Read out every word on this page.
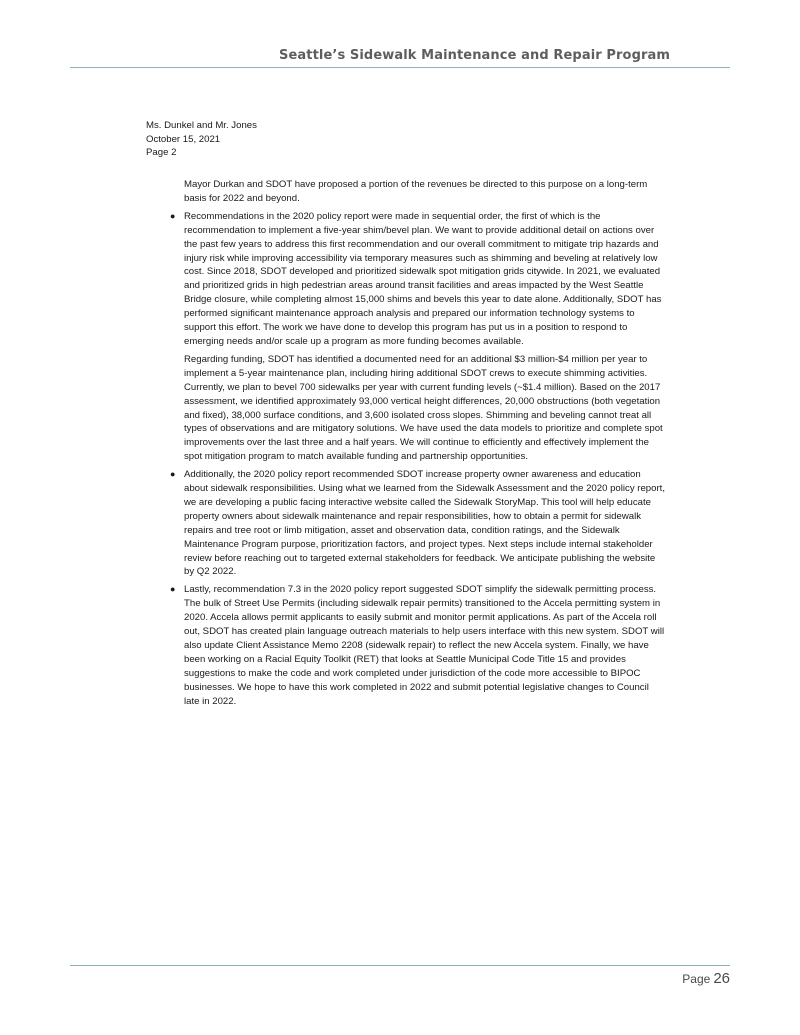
Seattle’s Sidewalk Maintenance and Repair Program
Ms. Dunkel and Mr. Jones
October 15, 2021
Page 2

Mayor Durkan and SDOT have proposed a portion of the revenues be directed to this purpose on a long-term basis for 2022 and beyond.

● Recommendations in the 2020 policy report were made in sequential order, the first of which is the recommendation to implement a five-year shim/bevel plan. We want to provide additional detail on actions over the past few years to address this first recommendation and our overall commitment to mitigate trip hazards and injury risk while improving accessibility via temporary measures such as shimming and beveling at relatively low cost. Since 2018, SDOT developed and prioritized sidewalk spot mitigation grids citywide. In 2021, we evaluated and prioritized grids in high pedestrian areas around transit facilities and areas impacted by the West Seattle Bridge closure, while completing almost 15,000 shims and bevels this year to date alone. Additionally, SDOT has performed significant maintenance approach analysis and prepared our information technology systems to support this effort. The work we have done to develop this program has put us in a position to respond to emerging needs and/or scale up a program as more funding becomes available.

Regarding funding, SDOT has identified a documented need for an additional $3 million-$4 million per year to implement a 5-year maintenance plan, including hiring additional SDOT crews to execute shimming activities. Currently, we plan to bevel 700 sidewalks per year with current funding levels (~$1.4 million). Based on the 2017 assessment, we identified approximately 93,000 vertical height differences, 20,000 obstructions (both vegetation and fixed), 38,000 surface conditions, and 3,600 isolated cross slopes. Shimming and beveling cannot treat all types of observations and are mitigatory solutions. We have used the data models to prioritize and complete spot improvements over the last three and a half years. We will continue to efficiently and effectively implement the spot mitigation program to match available funding and partnership opportunities.

● Additionally, the 2020 policy report recommended SDOT increase property owner awareness and education about sidewalk responsibilities. Using what we learned from the Sidewalk Assessment and the 2020 policy report, we are developing a public facing interactive website called the Sidewalk StoryMap. This tool will help educate property owners about sidewalk maintenance and repair responsibilities, how to obtain a permit for sidewalk repairs and tree root or limb mitigation, asset and observation data, condition ratings, and the Sidewalk Maintenance Program purpose, prioritization factors, and project types. Next steps include internal stakeholder review before reaching out to targeted external stakeholders for feedback. We anticipate publishing the website by Q2 2022.
● Lastly, recommendation 7.3 in the 2020 policy report suggested SDOT simplify the sidewalk permitting process. The bulk of Street Use Permits (including sidewalk repair permits) transitioned to the Accela permitting system in 2020. Accela allows permit applicants to easily submit and monitor permit applications. As part of the Accela roll out, SDOT has created plain language outreach materials to help users interface with this new system. SDOT will also update Client Assistance Memo 2208 (sidewalk repair) to reflect the new Accela system. Finally, we have been working on a Racial Equity Toolkit (RET) that looks at Seattle Municipal Code Title 15 and provides suggestions to make the code and work completed under jurisdiction of the code more accessible to BIPOC businesses. We hope to have this work completed in 2022 and submit potential legislative changes to Council late in 2022.
Page 26
